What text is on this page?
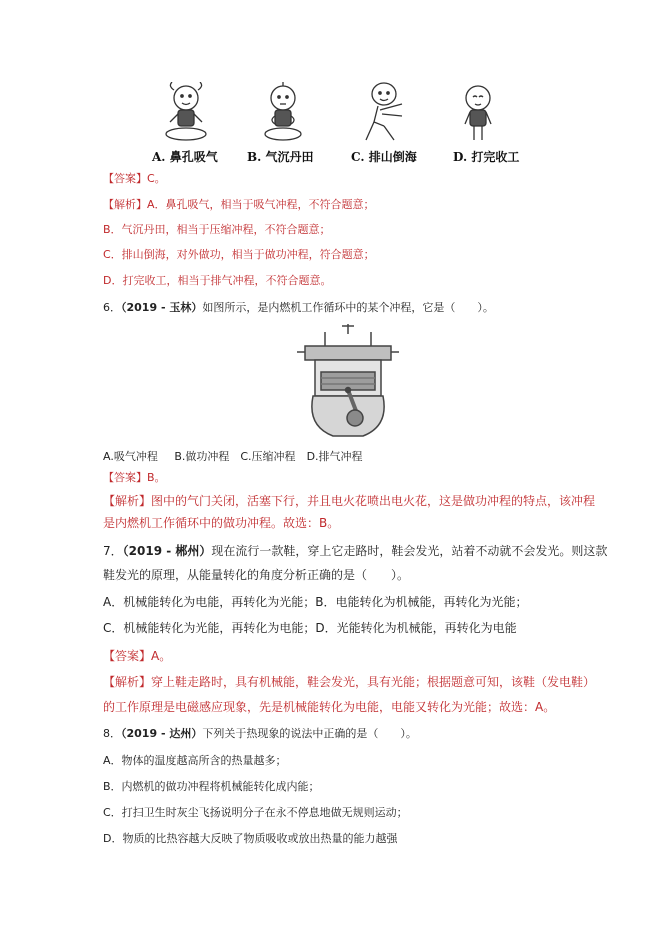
A. 鼻孔吸气 B. 气沉丹田	C. 排山倒海	D. 打完收工
【答案】C。
【解析】A．鼻孔吸气，相当于吸气冲程，不符合题意；
B．气沉丹田，相当于压缩冲程，不符合题意；
C．排山倒海，对外做功，相当于做功冲程，符合题意；
D．打完收工，相当于排气冲程，不符合题意。
6．（2019 - 玉林）如图所示，是内燃机工作循环中的某个冲程，它是（　　）。
A.吸气冲程   B.做功冲程  C.压缩冲程  D.排气冲程
【答案】B。
【解析】图中的气门关闭，活塞下行，并且电火花喷出电火花，这是做功冲程的特点，该冲程
是内燃机工作循环中的做功冲程。故选：B。
7．（2019 - 郴州）现在流行一款鞋，穿上它走路时，鞋会发光，站着不动就不会发光。则这款
鞋发光的原理，从能量转化的角度分析正确的是（　　）。
A．机械能转化为电能，再转化为光能；B．电能转化为机械能，再转化为光能；
C．机械能转化为光能，再转化为电能；D．光能转化为机械能，再转化为电能
【答案】A。
【解析】穿上鞋走路时，具有机械能，鞋会发光，具有光能；根据题意可知，该鞋（发电鞋）
的工作原理是电磁感应现象，先是机械能转化为电能，电能又转化为光能；故选：A。
8．（2019 - 达州）下列关于热现象的说法中正确的是（　　）。
A．物体的温度越高所含的热量越多；
B．内燃机的做功冲程将机械能转化成内能；
C．打扫卫生时灰尘飞扬说明分子在永不停息地做无规则运动；
D．物质的比热容越大反映了物质吸收或放出热量的能力越强
